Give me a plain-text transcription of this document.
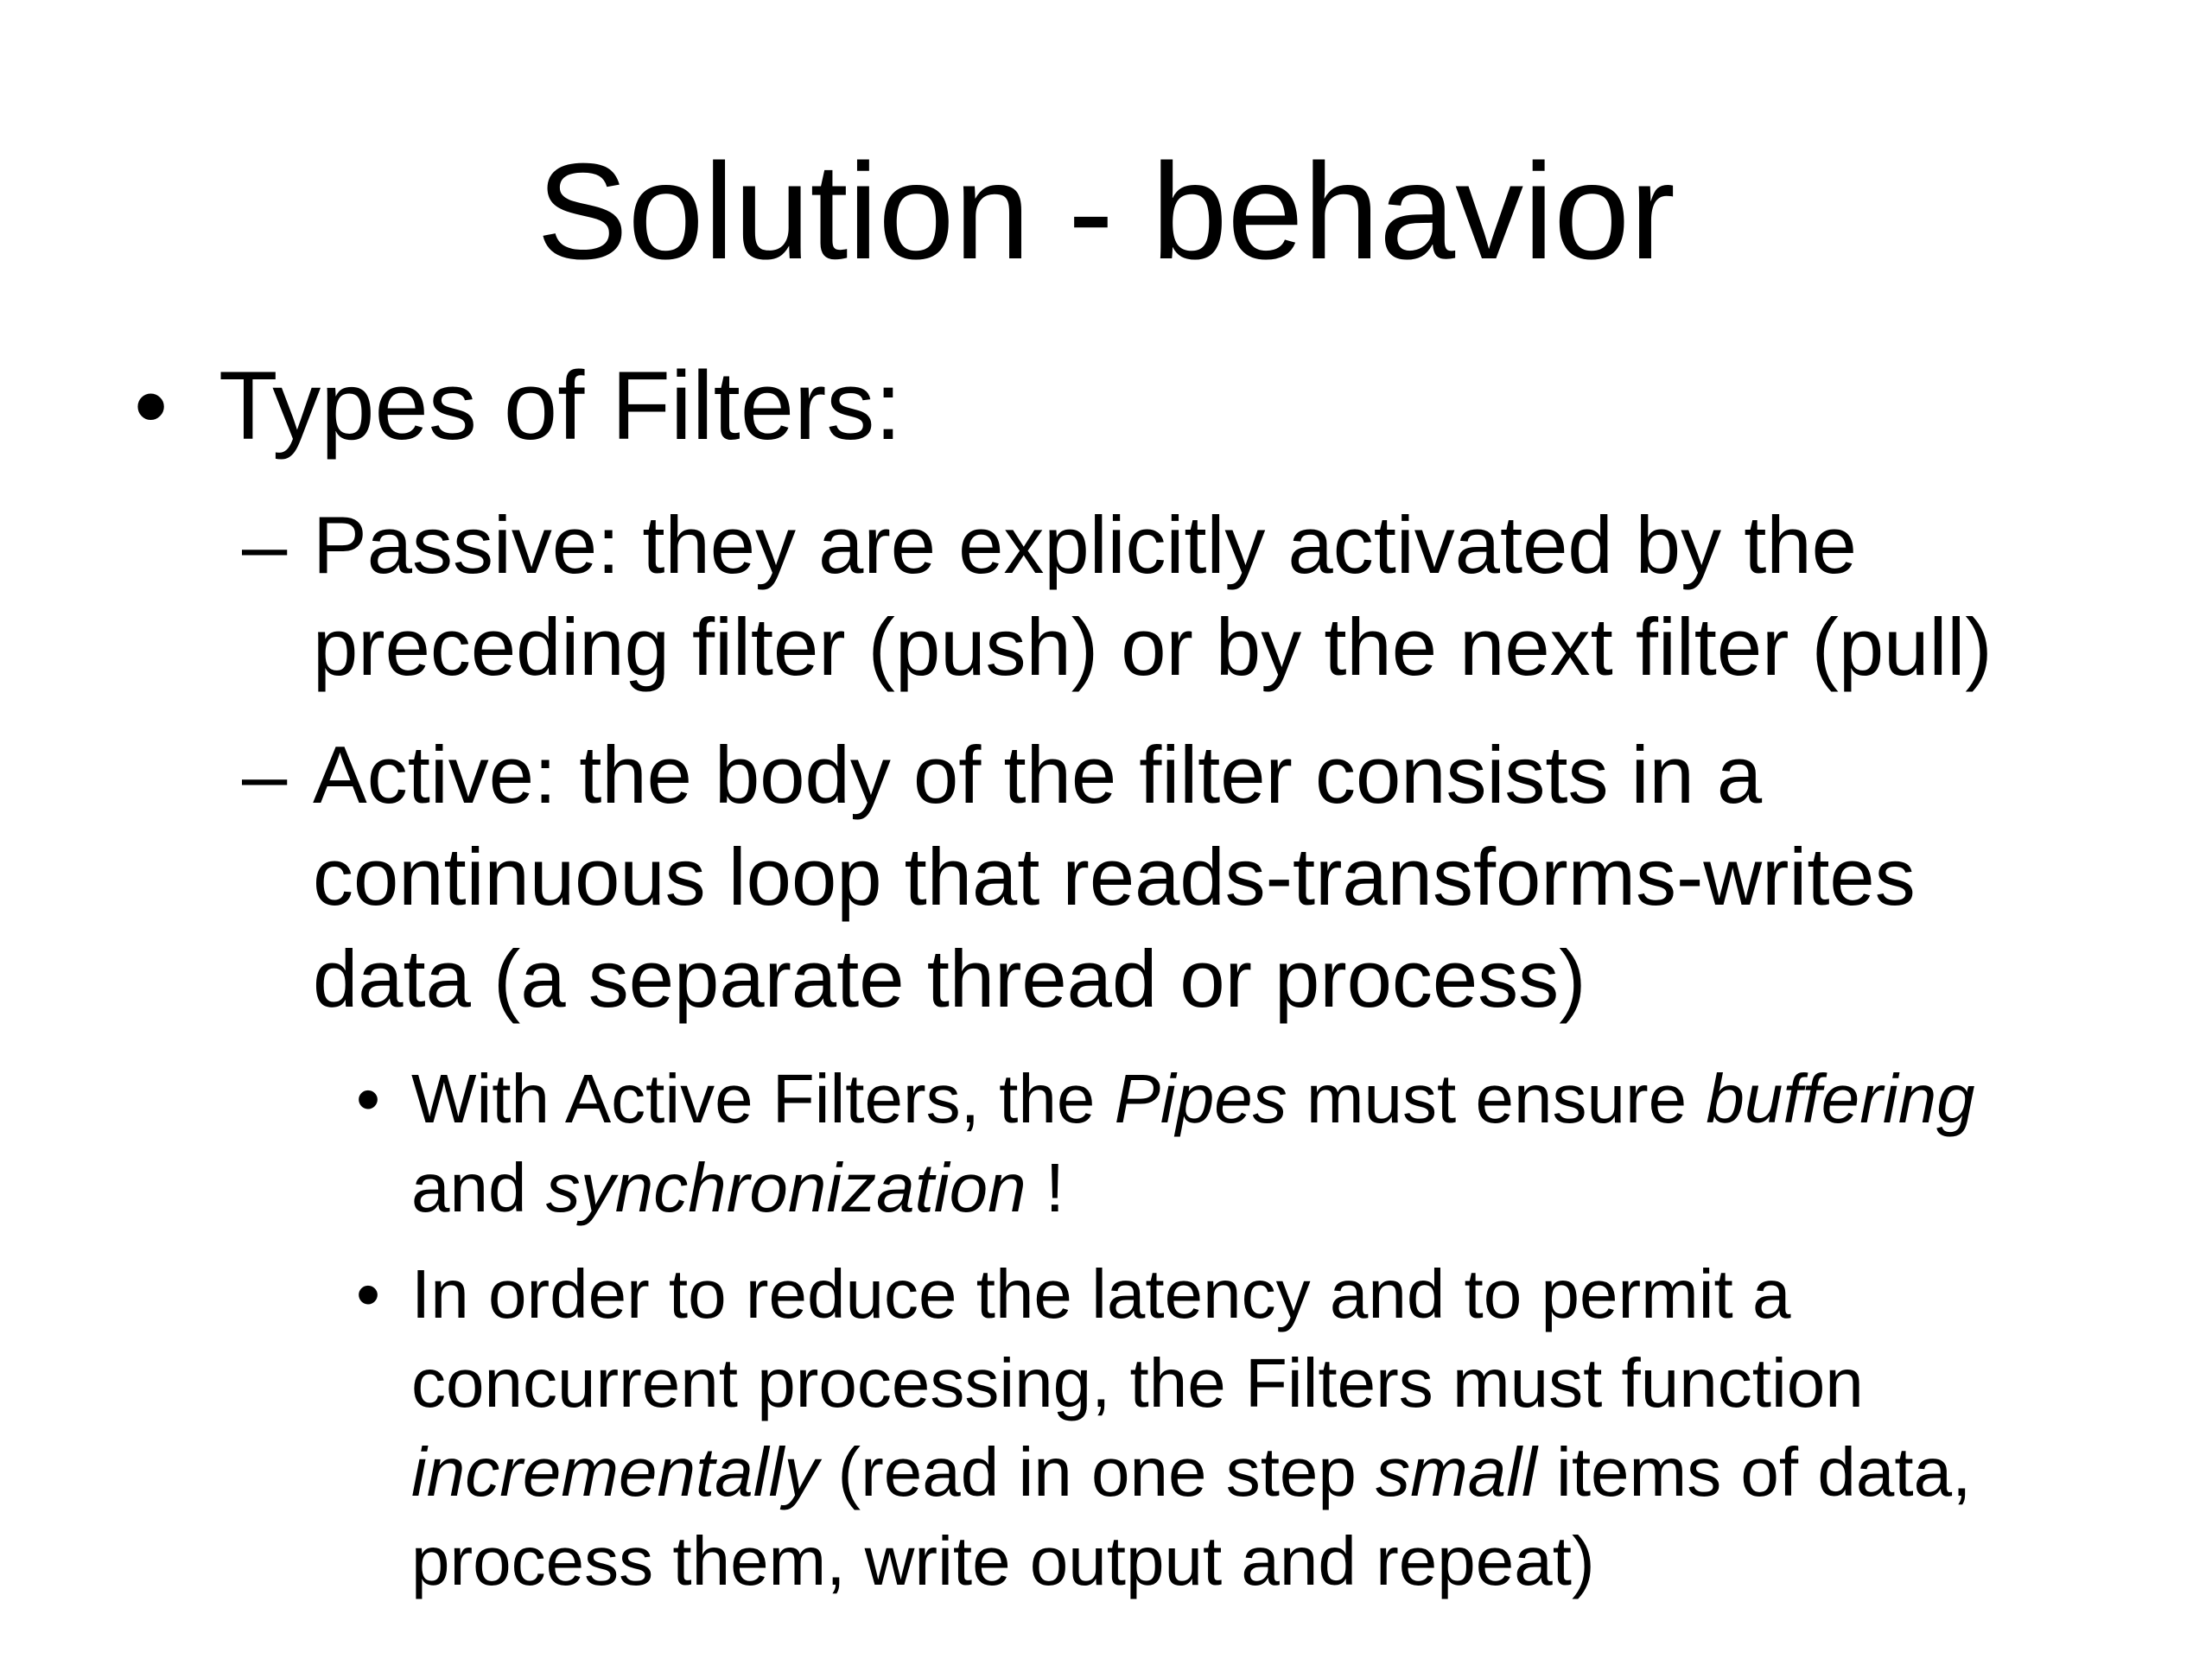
Solution - behavior
• Types of Filters:
– Passive: they are explicitly activated by the
preceding filter (push) or by the next filter (pull)
– Active: the body of the filter consists in a
continuous loop that reads-transforms-writes
data (a separate thread or process)
• With Active Filters, the Pipes must ensure buffering
and synchronization !
• In order to reduce the latency and to permit a
concurrent processing, the Filters must function
incrementally (read in one step small items of data,
process them, write output and repeat)
